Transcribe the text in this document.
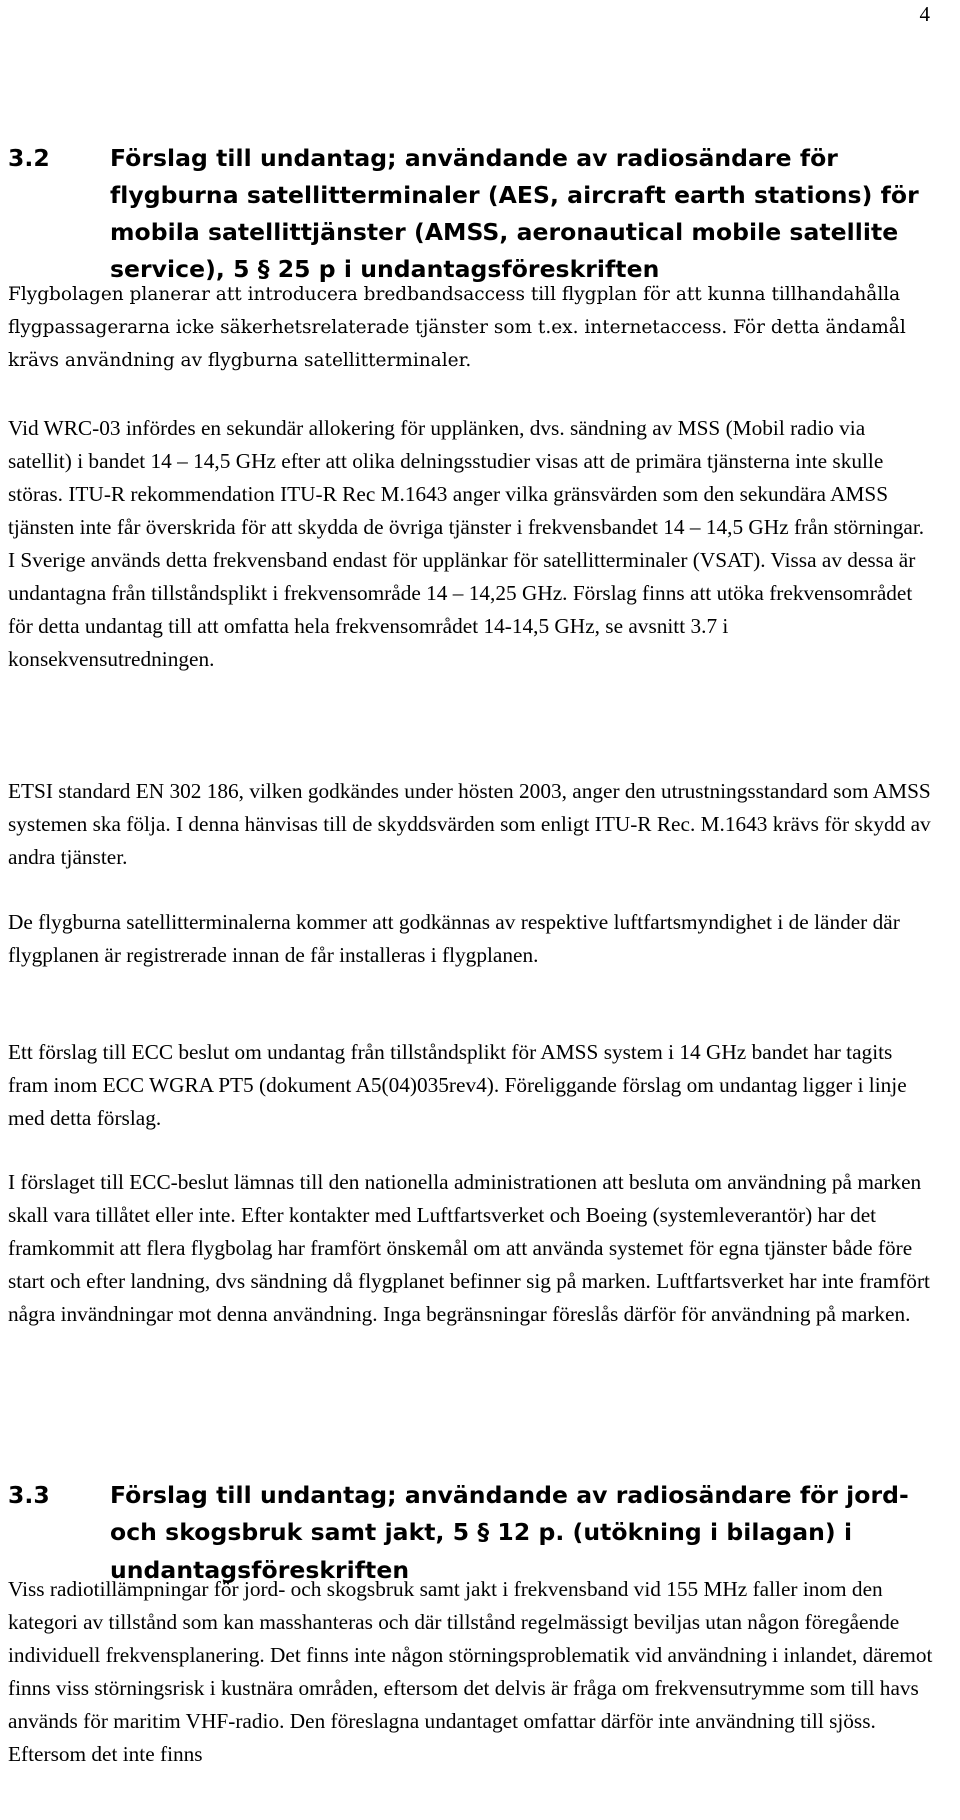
4
3.2	Förslag till undantag; användande av radiosändare för flygburna satellitterminaler (AES, aircraft earth stations) för mobila satellittjänster (AMSS, aeronautical mobile satellite service), 5 § 25 p i undantagsföreskriften

Flygbolagen planerar att introducera bredbandsaccess till flygplan för att kunna tillhandahålla flygpassagerarna icke säkerhetsrelaterade tjänster som t.ex. internetaccess. För detta ändamål krävs användning av flygburna satellitterminaler.

Vid WRC-03 infördes en sekundär allokering för upplänken, dvs. sändning av MSS (Mobil radio via satellit) i bandet 14 – 14,5 GHz efter att olika delningsstudier visas att de primära tjänsterna inte skulle störas. ITU-R rekommendation ITU-R Rec M.1643 anger vilka gränsvärden som den sekundära AMSS tjänsten inte får överskrida för att skydda de övriga tjänster i frekvensbandet 14 – 14,5 GHz från störningar. I Sverige används detta frekvensband endast för upplänkar för satellitterminaler (VSAT). Vissa av dessa är undantagna från tillståndsplikt i frekvensområde 14 – 14,25 GHz. Förslag finns att utöka frekvensområdet för detta undantag till att omfatta hela frekvensområdet 14-14,5 GHz, se avsnitt 3.7 i konsekvensutredningen.

ETSI standard EN 302 186, vilken godkändes under hösten 2003, anger den utrustningsstandard som AMSS systemen ska följa. I denna hänvisas till de skyddsvärden som enligt ITU-R Rec. M.1643 krävs för skydd av andra tjänster.

De flygburna satellitterminalerna kommer att godkännas av respektive luftfartsmyndighet i de länder där flygplanen är registrerade innan de får installeras i flygplanen.

Ett förslag till ECC beslut om undantag från tillståndsplikt för AMSS system i 14 GHz bandet har tagits fram inom ECC WGRA PT5 (dokument A5(04)035rev4). Föreliggande förslag om undantag ligger i linje med detta förslag.

I förslaget till ECC-beslut lämnas till den nationella administrationen att besluta om användning på marken skall vara tillåtet eller inte. Efter kontakter med Luftfartsverket och Boeing (systemleverantör) har det framkommit att flera flygbolag har framfört önskemål om att använda systemet för egna tjänster både före start och efter landning, dvs sändning då flygplanet befinner sig på marken. Luftfartsverket har inte framfört några invändningar mot denna användning. Inga begränsningar föreslås därför för användning på marken.

3.3	Förslag till undantag; användande av radiosändare för jord- och skogsbruk samt jakt, 5 § 12 p. (utökning i bilagan) i undantagsföreskriften

Viss radiotillämpningar för jord- och skogsbruk samt jakt i frekvensband vid 155 MHz faller inom den kategori av tillstånd som kan masshanteras och där tillstånd regelmässigt beviljas utan någon föregående individuell frekvensplanering. Det finns inte någon störningsproblematik vid användning i inlandet, däremot finns viss störningsrisk i kustnära områden, eftersom det delvis är fråga om frekvensutrymme som till havs används för maritim VHF-radio. Den föreslagna undantaget omfattar därför inte användning till sjöss. Eftersom det inte finns
